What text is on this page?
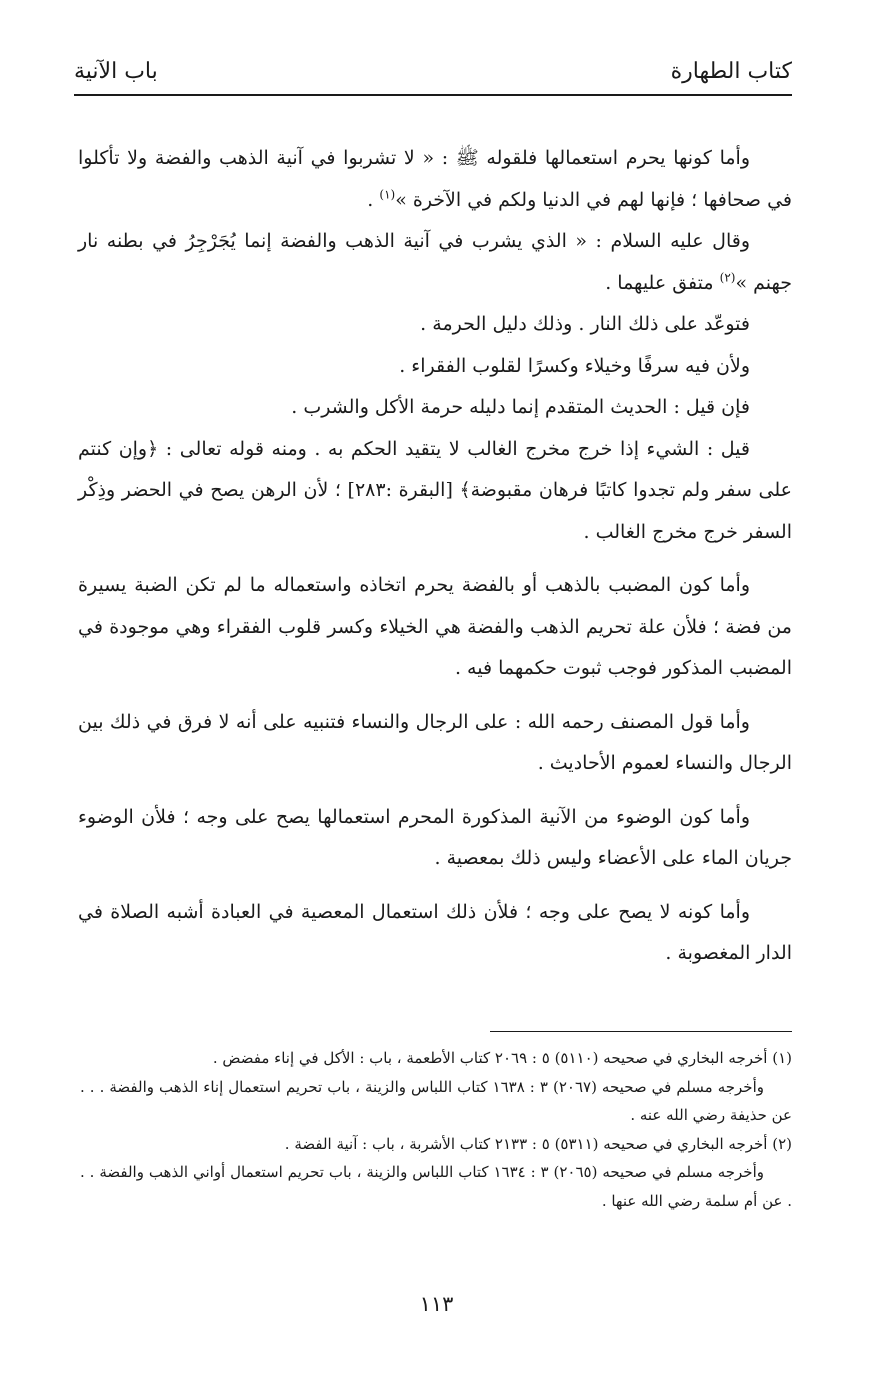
كتاب الطهارة
باب الآنية

وأما كونها يحرم استعمالها فلقوله ﷺ : « لا تشربوا في آنية الذهب والفضة ولا تأكلوا في صحافها ؛ فإنها لهم في الدنيا ولكم في الآخرة »$^{(١)}$ .

وقال عليه السلام : « الذي يشرب في آنية الذهب والفضة إنما يُجَرْجِرُ في بطنه نار جهنم »$^{(٢)}$ متفق عليهما .

فتوعّد على ذلك النار . وذلك دليل الحرمة .

ولأن فيه سرفًا وخيلاء وكسرًا لقلوب الفقراء .

فإن قيل : الحديث المتقدم إنما دليله حرمة الأكل والشرب .

قيل : الشيء إذا خرج مخرج الغالب لا يتقيد الحكم به . ومنه قوله تعالى : ﴿وإن كنتم على سفر ولم تجدوا كاتبًا فرهان مقبوضة﴾ [البقرة :٢٨٣] ؛ لأن الرهن يصح في الحضر وذِكْر السفر خرج مخرج الغالب .

وأما كون المضبب بالذهب أو بالفضة يحرم اتخاذه واستعماله ما لم تكن الضبة يسيرة من فضة ؛ فلأن علة تحريم الذهب والفضة هي الخيلاء وكسر قلوب الفقراء وهي موجودة في المضبب المذكور فوجب ثبوت حكمهما فيه .

وأما قول المصنف رحمه الله : على الرجال والنساء فتنبيه على أنه لا فرق في ذلك بين الرجال والنساء لعموم الأحاديث .

وأما كون الوضوء من الآنية المذكورة المحرم استعمالها يصح على وجه ؛ فلأن الوضوء جريان الماء على الأعضاء وليس ذلك بمعصية .

وأما كونه لا يصح على وجه ؛ فلأن ذلك استعمال المعصية في العبادة أشبه الصلاة في الدار المغصوبة .

(١) أخرجه البخاري في صحيحه (٥١١٠) ٥ : ٢٠٦٩ كتاب الأطعمة ، باب : الأكل في إناء مفضض .

وأخرجه مسلم في صحيحه (٢٠٦٧) ٣ : ١٦٣٨ كتاب اللباس والزينة ، باب تحريم استعمال إناء الذهب والفضة . . . عن حذيفة رضي الله عنه .

(٢) أخرجه البخاري في صحيحه (٥٣١١) ٥ : ٢١٣٣ كتاب الأشربة ، باب : آنية الفضة .

وأخرجه مسلم في صحيحه (٢٠٦٥) ٣ : ١٦٣٤ كتاب اللباس والزينة ، باب تحريم استعمال أواني الذهب والفضة . . . عن أم سلمة رضي الله عنها .

١١٣
